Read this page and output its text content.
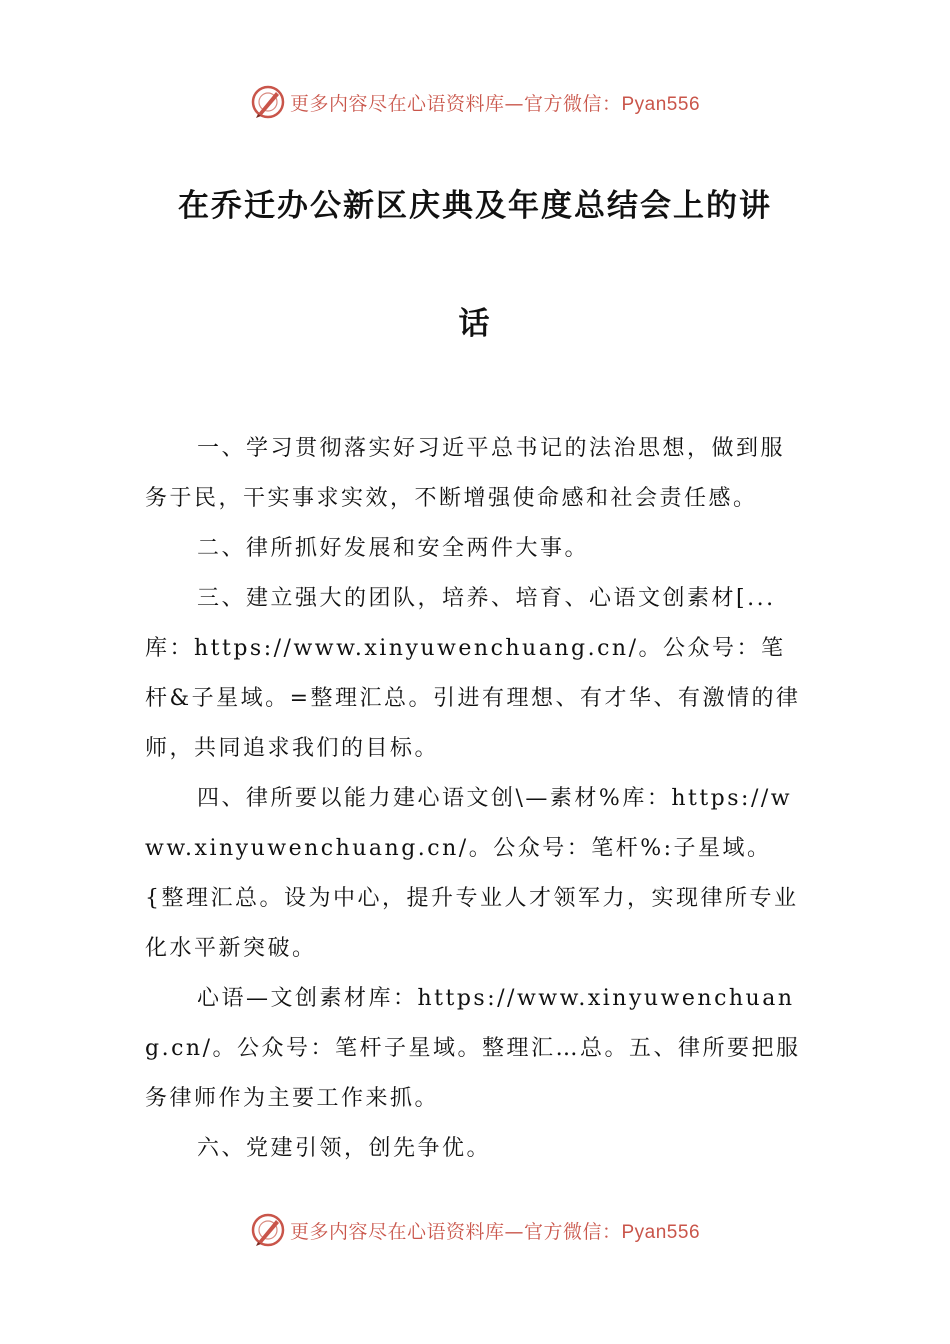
更多内容尽在心语资料库—官方微信：Pyan556
在乔迁办公新区庆典及年度总结会上的讲
话

一、学习贯彻落实好习近平总书记的法治思想，做到服务于民，干实事求实效，不断增强使命感和社会责任感。

二、律所抓好发展和安全两件大事。

三、建立强大的团队，培养、培育、心语文创素材[...库：https://www.xinyuwenchuang.cn/。公众号：笔杆&子星域。=整理汇总。引进有理想、有才华、有激情的律师，共同追求我们的目标。

四、律所要以能力建心语文创\—素材%库：https://www.xinyuwenchuang.cn/。公众号：笔杆%:子星域。{整理汇总。设为中心，提升专业人才领军力，实现律所专业化水平新突破。

心语—文创素材库：https://www.xinyuwenchuang.cn/。公众号：笔杆子星域。整理汇…总。五、律所要把服务律师作为主要工作来抓。

六、党建引领，创先争优。

更多内容尽在心语资料库—官方微信：Pyan556
